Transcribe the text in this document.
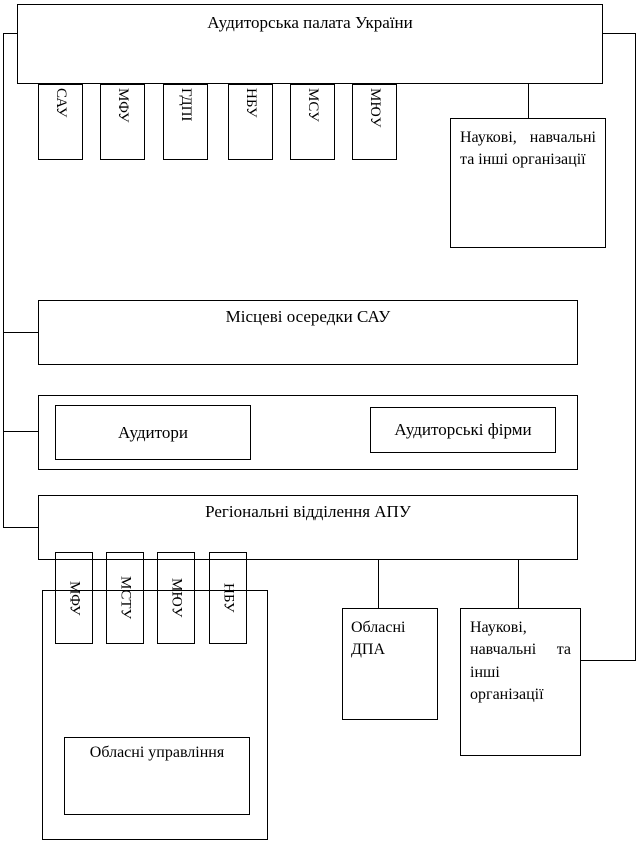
Аудиторська палата України
САУ	МФУ	ГДПІ	НБУ	МСУ	МЮУ
Наукові, навчальні та інші організації
Місцеві осередки САУ
Аудитори	Аудиторські фірми
Регіональні відділення АПУ
МФУ МСТУ МЮУ НБУ
Обласні управління
Обласні ДПА
Наукові, навчальні та інші організації
